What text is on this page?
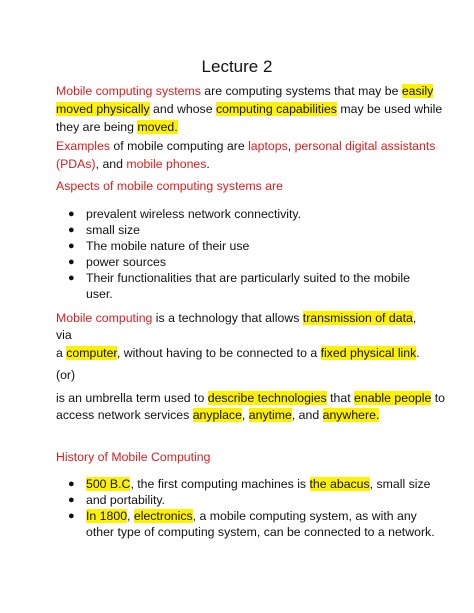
Lecture 2
Mobile computing systems are computing systems that may be easily
moved physically and whose computing capabilities may be used while
they are being moved.
Examples of mobile computing are laptops, personal digital assistants
(PDAs), and mobile phones.
Aspects of mobile computing systems are
● prevalent wireless network connectivity.
● small size
● The mobile nature of their use
● power sources
● Their functionalities that are particularly suited to the mobile
user.
Mobile computing is a technology that allows transmission of data,
via
a computer, without having to be connected to a fixed physical link.
(or)
is an umbrella term used to describe technologies that enable people to
access network services anyplace, anytime, and anywhere.
History of Mobile Computing
● 500 B.C, the first computing machines is the abacus, small size
● and portability.
● In 1800, electronics, a mobile computing system, as with any
other type of computing system, can be connected to a network.
